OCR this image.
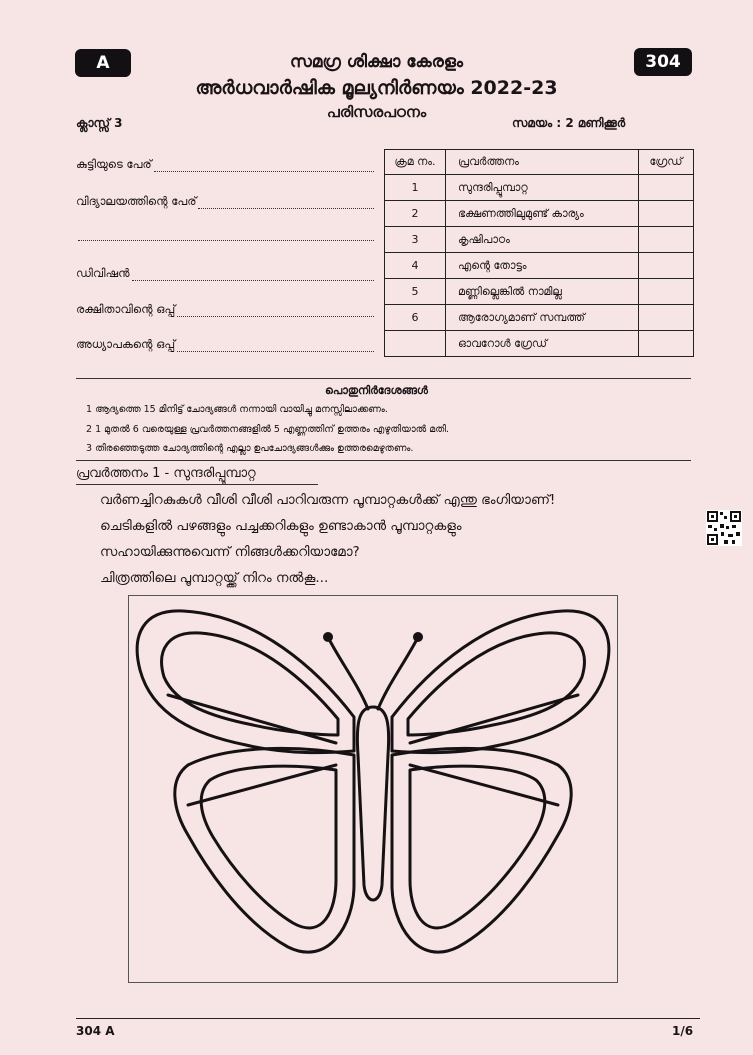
A	304
സമഗ്ര ശിക്ഷാ കേരളം
അർധവാർഷിക മൂല്യനിർണയം 2022-23
പരിസരപഠനം
ക്ലാസ്സ് 3	സമയം : 2 മണിക്കൂർ
കുട്ടിയുടെ പേര്
വിദ്യാലയത്തിന്റെ പേര്
ഡിവിഷൻ
രക്ഷിതാവിന്റെ ഒപ്പ്
അധ്യാപകന്റെ ഒപ്പ്
ക്രമ നം.	പ്രവർത്തനം	ഗ്രേഡ്
1	സുന്ദരിപ്പൂമ്പാറ്റ	
2	ഭക്ഷണത്തിലുമുണ്ട് കാര്യം	
3	കൃഷിപാഠം	
4	എന്റെ തോട്ടം	
5	മണ്ണില്ലെങ്കിൽ നാമില്ല	
6	ആരോഗ്യമാണ് സമ്പത്ത്	
	ഓവറോൾ ഗ്രേഡ്	
പൊതുനിർദേശങ്ങൾ
1 ആദ്യത്തെ 15 മിനിട്ട് ചോദ്യങ്ങൾ നന്നായി വായിച്ചു മനസ്സിലാക്കണം.
2 1 മുതൽ 6 വരെയുള്ള പ്രവർത്തനങ്ങളിൽ 5 എണ്ണത്തിന് ഉത്തരം എഴുതിയാൽ മതി.
3 തിരഞ്ഞെടുത്ത ചോദ്യത്തിന്റെ എല്ലാ ഉപചോദ്യങ്ങൾക്കും ഉത്തരമെഴുതണം.
പ്രവർത്തനം 1 - സുന്ദരിപ്പൂമ്പാറ്റ
വർണച്ചിറകുകൾ വീശി വീശി പാറിവരുന്ന പൂമ്പാറ്റകൾക്ക് എന്തു ഭംഗിയാണ്!
ചെടികളിൽ പഴങ്ങളും പച്ചക്കറികളും ഉണ്ടാകാൻ പൂമ്പാറ്റകളും
സഹായിക്കുന്നുവെന്ന് നിങ്ങൾക്കറിയാമോ?
ചിത്രത്തിലെ പൂമ്പാറ്റയ്ക്ക് നിറം നൽകൂ...
304 A	1/6
